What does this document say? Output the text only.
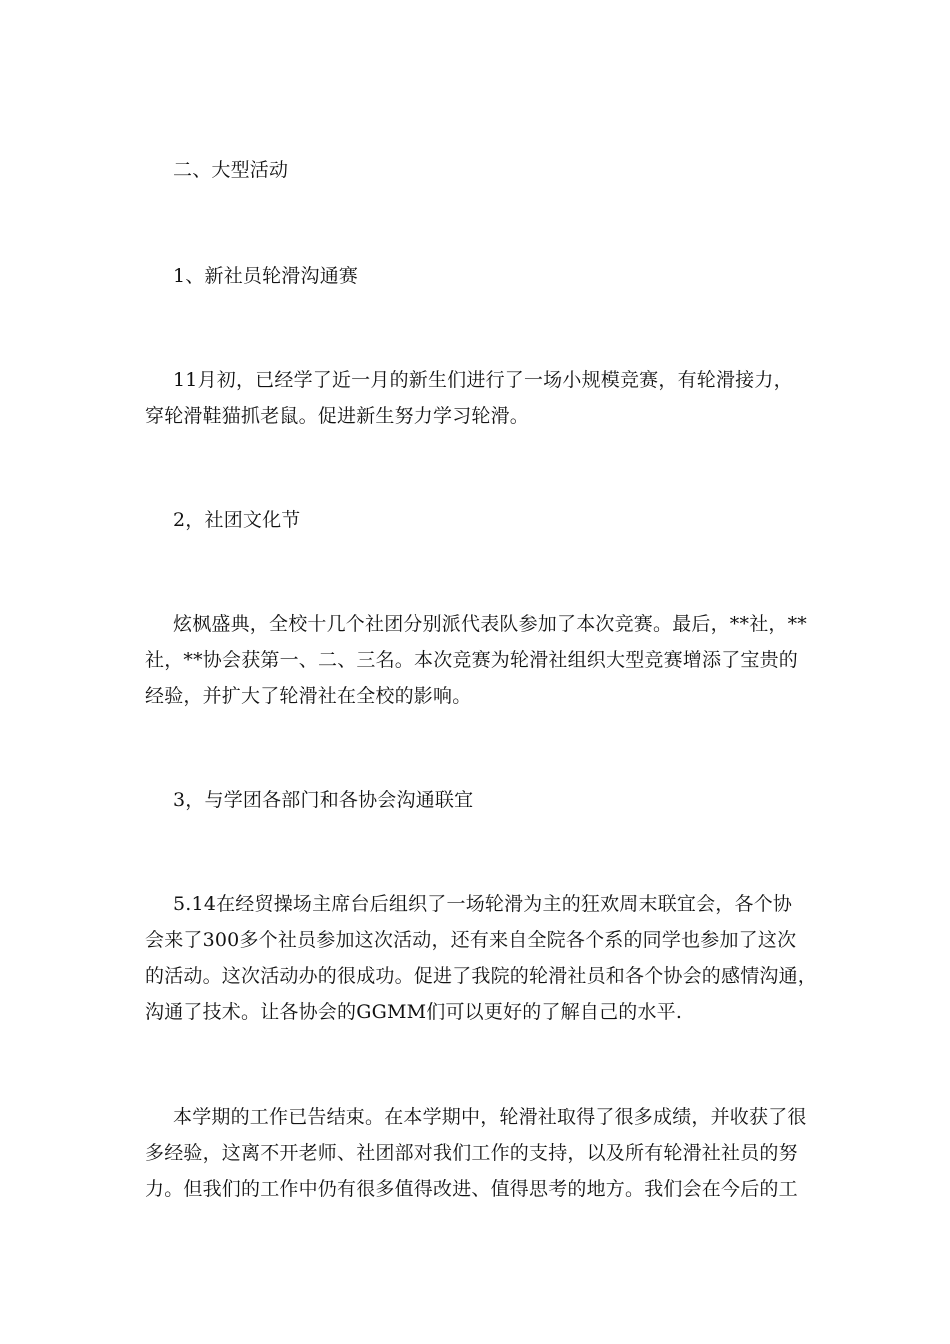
二、大型活动
1、新社员轮滑沟通赛
11月初，已经学了近一月的新生们进行了一场小规模竞赛，有轮滑接力，
穿轮滑鞋猫抓老鼠。促进新生努力学习轮滑。
2，社团文化节
炫枫盛典，全校十几个社团分别派代表队参加了本次竞赛。最后，**社，**
社，**协会获第一、二、三名。本次竞赛为轮滑社组织大型竞赛增添了宝贵的
经验，并扩大了轮滑社在全校的影响。
3，与学团各部门和各协会沟通联宜
5.14在经贸操场主席台后组织了一场轮滑为主的狂欢周末联宜会，各个协
会来了300多个社员参加这次活动，还有来自全院各个系的同学也参加了这次
的活动。这次活动办的很成功。促进了我院的轮滑社员和各个协会的感情沟通，
沟通了技术。让各协会的GGMM们可以更好的了解自己的水平.
本学期的工作已告结束。在本学期中，轮滑社取得了很多成绩，并收获了很
多经验，这离不开老师、社团部对我们工作的支持，以及所有轮滑社社员的努
力。但我们的工作中仍有很多值得改进、值得思考的地方。我们会在今后的工
